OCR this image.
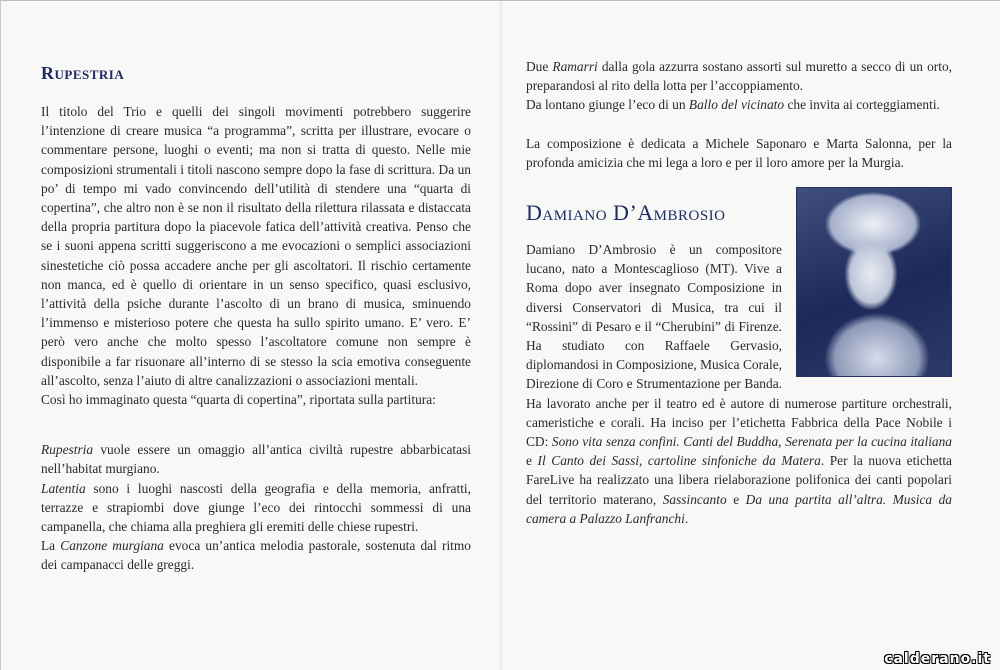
Rupestria

Il titolo del Trio e quelli dei singoli movimenti potrebbero suggerire l’intenzione di creare musica “a programma”, scritta per illustrare, evocare o commentare persone, luoghi o eventi; ma non si tratta di questo. Nelle mie composizioni strumentali i titoli nascono sempre dopo la fase di scrittura. Da un po’ di tempo mi vado convincendo dell’utilità di stendere una “quarta di copertina”, che altro non è se non il risultato della rilettura rilassata e distaccata della propria partitura dopo la piacevole fatica dell’attività creativa. Penso che se i suoni appena scritti suggeriscono a me evocazioni o semplici associazioni sinestetiche ciò possa accadere anche per gli ascoltatori. Il rischio certamente non manca, ed è quello di orientare in un senso specifico, quasi esclusivo, l’attività della psiche durante l’ascolto di un brano di musica, sminuendo l’immenso e misterioso potere che questa ha sullo spirito umano. E’ vero. E’ però vero anche che molto spesso l’ascoltatore comune non sempre è disponibile a far risuonare all’interno di se stesso la scia emotiva conseguente all’ascolto, senza l’aiuto di altre canalizzazioni o associazioni mentali.
Così ho immaginato questa “quarta di copertina”, riportata sulla partitura:

Rupestria vuole essere un omaggio all’antica civiltà rupestre abbarbicatasi nell’habitat murgiano.

Latentia sono i luoghi nascosti della geografia e della memoria, anfratti, terrazze e strapiombi dove giunge l’eco dei rintocchi sommessi di una campanella, che chiama alla preghiera gli eremiti delle chiese rupestri.

La Canzone murgiana evoca un’antica melodia pastorale, sostenuta dal ritmo dei campanacci delle greggi.

Due Ramarri dalla gola azzurra sostano assorti sul muretto a secco di un orto, preparandosi al rito della lotta per l’accoppiamento.

Da lontano giunge l’eco di un Ballo del vicinato che invita ai corteggiamenti.

La composizione è dedicata a Michele Saponaro e Marta Salonna, per la profonda amicizia che mi lega a loro e per il loro amore per la Murgia.

Damiano D’Ambrosio

Damiano D’Ambrosio è un compositore lucano, nato a Montescaglioso (MT). Vive a Roma dopo aver insegnato Composizione in diversi Conservatori di Musica, tra cui il “Rossini” di Pesaro e il “Cherubini” di Firenze. Ha studiato con Raffaele Gervasio, diplomandosi in Composizione, Musica Corale, Direzione di Coro e Strumentazione per Banda. Ha lavorato anche per il teatro ed è autore di numerose partiture orchestrali, cameristiche e corali. Ha inciso per l’etichetta Fabbrica della Pace Nobile i CD: Sono vita senza confini. Canti del Buddha, Serenata per la cucina italiana e Il Canto dei Sassi, cartoline sinfoniche da Matera. Per la nuova etichetta FareLive ha realizzato una libera rielaborazione polifonica dei canti popolari del territorio materano, Sassincanto e Da una partita all’altra. Musica da camera a Palazzo Lanfranchi.

calderano.it
